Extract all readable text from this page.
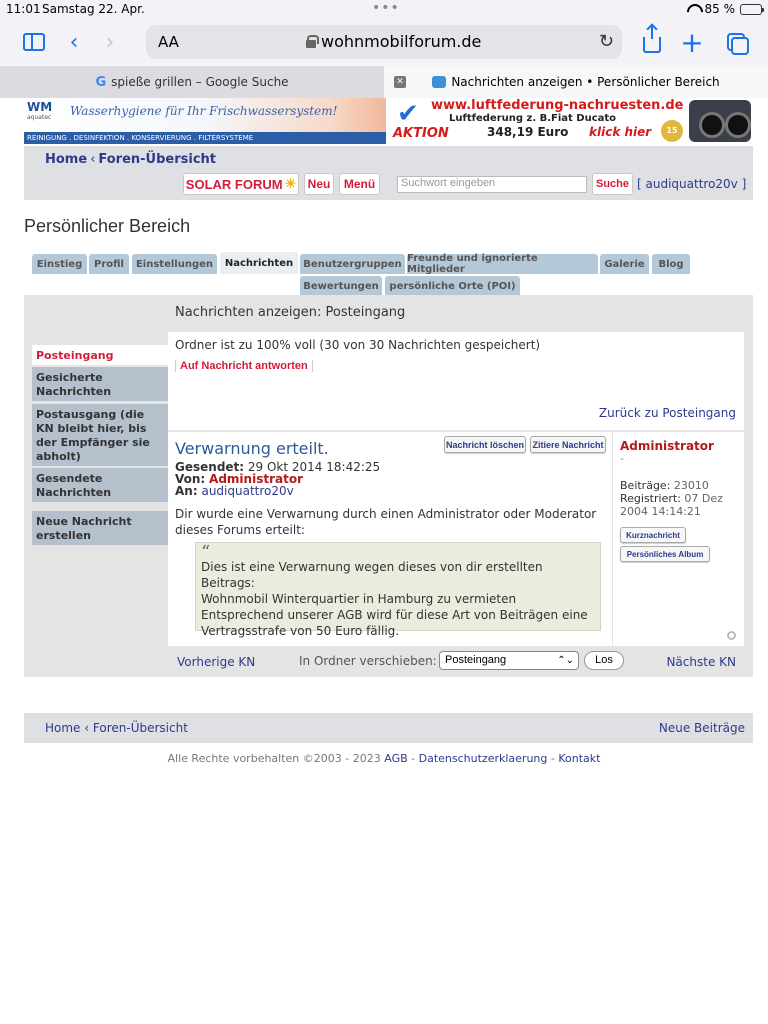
11:01 Samstag 22. Apr.	•••	85 %
‹	›	AA	wohnmobilforum.de	↻ +
G spieße grillen – Google Suche	✕	Nachrichten anzeigen • Persönlicher Bereich
WM
aquatec Wasserhygiene für Ihr Frischwassersystem!
REINIGUNG . DESINFEKTION . KONSERVIERUNG . FILTERSYSTEME
✔ www.luftfederung-nachruesten.de
Luftfederung z. B.Fiat Ducato
AKTION	348,19 Euro klick hier	15
Home ‹ Foren-Übersicht
SOLAR FORUM ☀ Neu	Menü	Suchwort eingeben	Suche [ audiquattro20v ]
Persönlicher Bereich
Einstieg	Profil	Einstellungen	Nachrichten	Benutzergruppen Freunde und ignorierte Mitglieder	Galerie	Blog
Bewertungen	persönliche Orte (POI)
Nachrichten anzeigen: Posteingang
Posteingang
Gesicherte Nachrichten
Postausgang (die KN bleibt hier, bis der Empfänger sie abholt)
Gesendete Nachrichten
Neue Nachricht erstellen
Ordner ist zu 100% voll (30 von 30 Nachrichten gespeichert)
Auf Nachricht antworten
Zurück zu Posteingang
Verwarnung erteilt.	Nachricht löschen Zitiere Nachricht
Gesendet: 29 Okt 2014 18:42:25
Von: Administrator
An: audiquattro20v
Dir wurde eine Verwarnung durch einen Administrator oder Moderator dieses Forums erteilt:
“
Dies ist eine Verwarnung wegen dieses von dir erstellten Beitrags:
Wohnmobil Winterquartier in Hamburg zu vermieten
Entsprechend unserer AGB wird für diese Art von Beiträgen eine
Vertragsstrafe von 50 Euro fällig.
Administrator
-
Beiträge: 23010
Registriert: 07 Dez
2004 14:14:21
Kurznachricht
Persönliches Album
Vorherige KN	In Ordner verschieben: Posteingang	⌃⌄	Los	Nächste KN
Home ‹ Foren-Übersicht	Neue Beiträge
Alle Rechte vorbehalten ©2003 - 2023 AGB - Datenschutzerklaerung - Kontakt
